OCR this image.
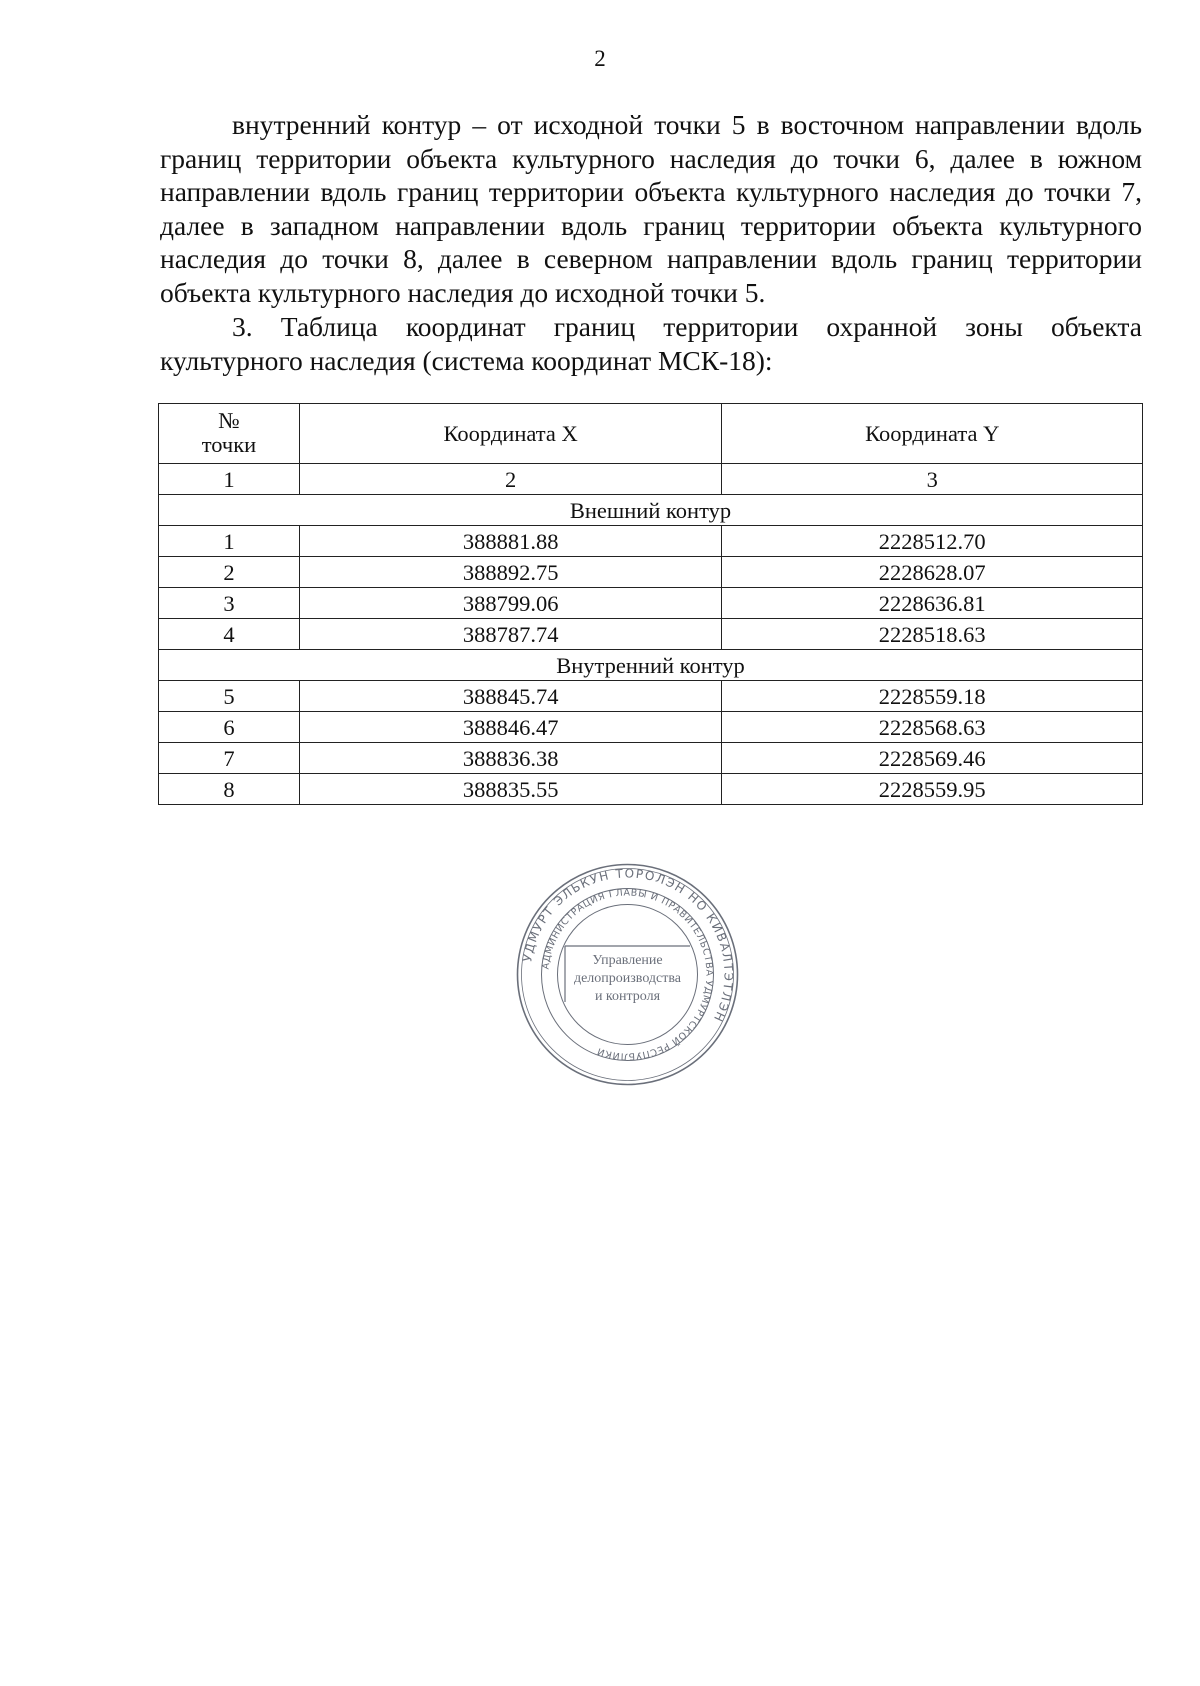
2

внутренний контур – от исходной точки 5 в восточном направлении вдоль границ территории объекта культурного наследия до точки 6, далее в южном направлении вдоль границ территории объекта культурного наследия до точки 7, далее в западном направлении вдоль границ территории объекта культурного наследия до точки 8, далее в северном направлении вдоль границ территории объекта культурного наследия до исходной точки 5.

3. Таблица координат границ территории охранной зоны объекта культурного наследия (система координат МСК-18):

№
точки	Координата X	Координата Y
1	2	3
Внешний контур		
1	388881.88	2228512.70
2	388892.75	2228628.07
3	388799.06	2228636.81
4	388787.74	2228518.63
Внутренний контур		
5	388845.74	2228559.18
6	388846.47	2228568.63
7	388836.38	2228569.46
8	388835.55	2228559.95
УДМУРТ ЭЛЬКУН ТОРОЛЭН НО КИВАЛТЭТЛЭН
АДМИНИСТРАЦИЯ ГЛАВЫ И ПРАВИТЕЛЬСТВА УДМУРТСКОЙ РЕСПУБЛИКИ
Управление
делопроизводства
и контроля
